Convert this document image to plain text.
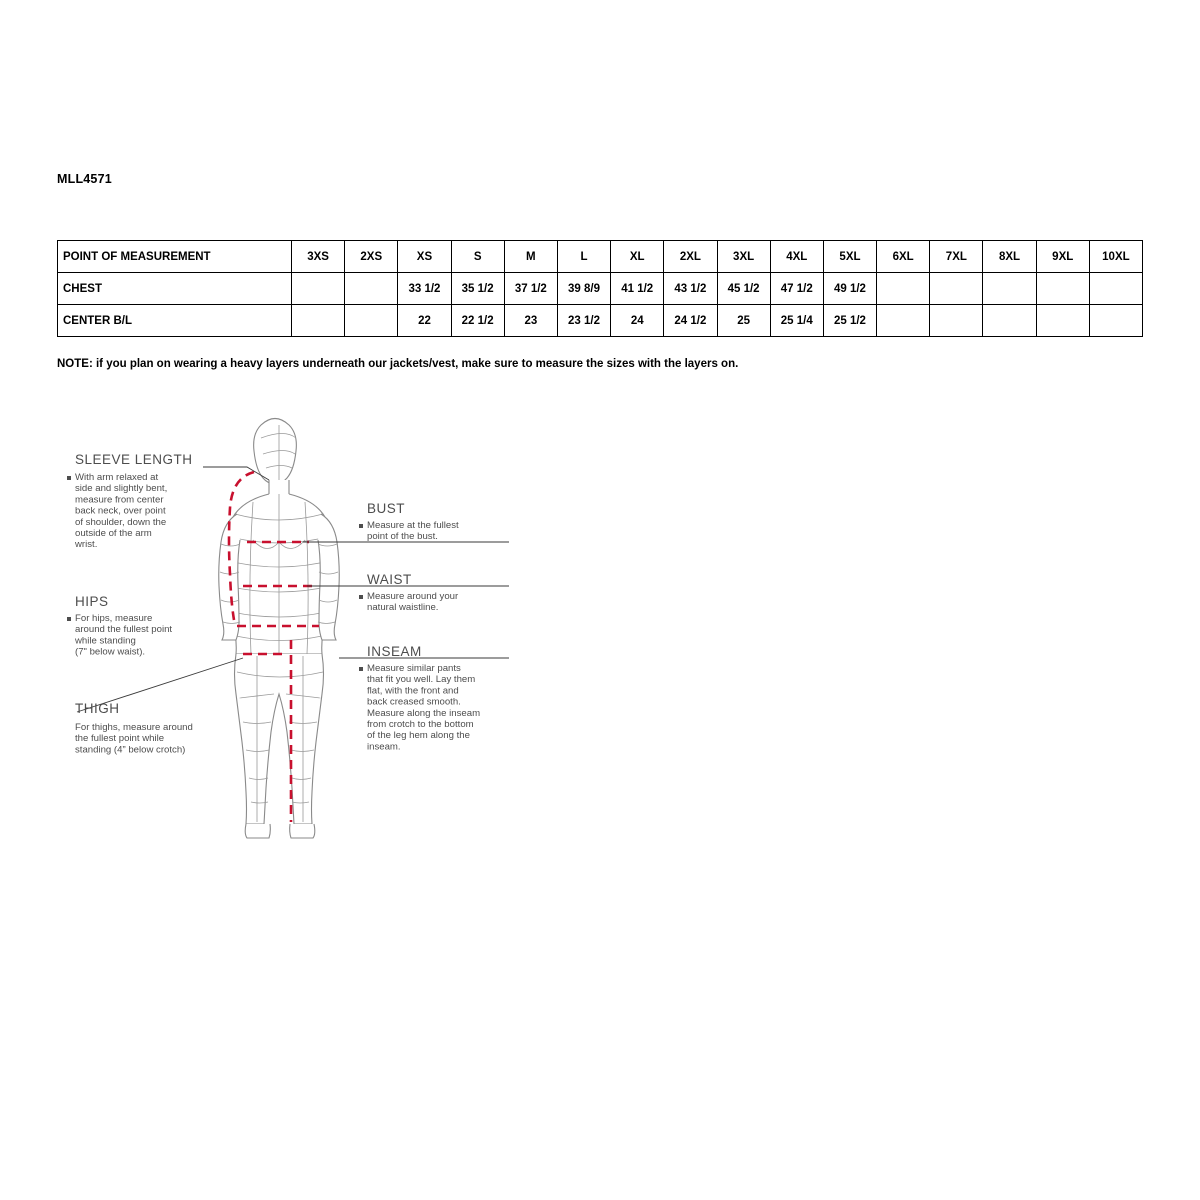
MLL4571
POINT OF MEASUREMENT	3XS	2XS	XS	S	M	L	XL	2XL	3XL	4XL	5XL	6XL	7XL	8XL	9XL	10XL
CHEST			33 1/2	35 1/2	37 1/2	39 8/9	41 1/2	43 1/2	45 1/2	47 1/2	49 1/2					
CENTER B/L			22	22 1/2	23	23 1/2	24	24 1/2	25	25 1/4	25 1/2					
NOTE: if you plan on wearing a heavy layers underneath our jackets/vest, make sure to measure the sizes with the layers on.
SLEEVE LENGTH
With arm relaxed at side and slightly bent, measure from center back neck, over point of shoulder, down the outside of the arm wrist.
HIPS
For hips, measure around the fullest point while standing (7" below waist).
THIGH
For thighs, measure around the fullest point while standing (4” below crotch)
BUST
Measure at the fullest point of the bust.
WAIST
Measure around your natural waistline.
INSEAM
Measure similar pants that fit you well. Lay them flat, with the front and back creased smooth. Measure along the inseam from crotch to the bottom of the leg hem along the inseam.
